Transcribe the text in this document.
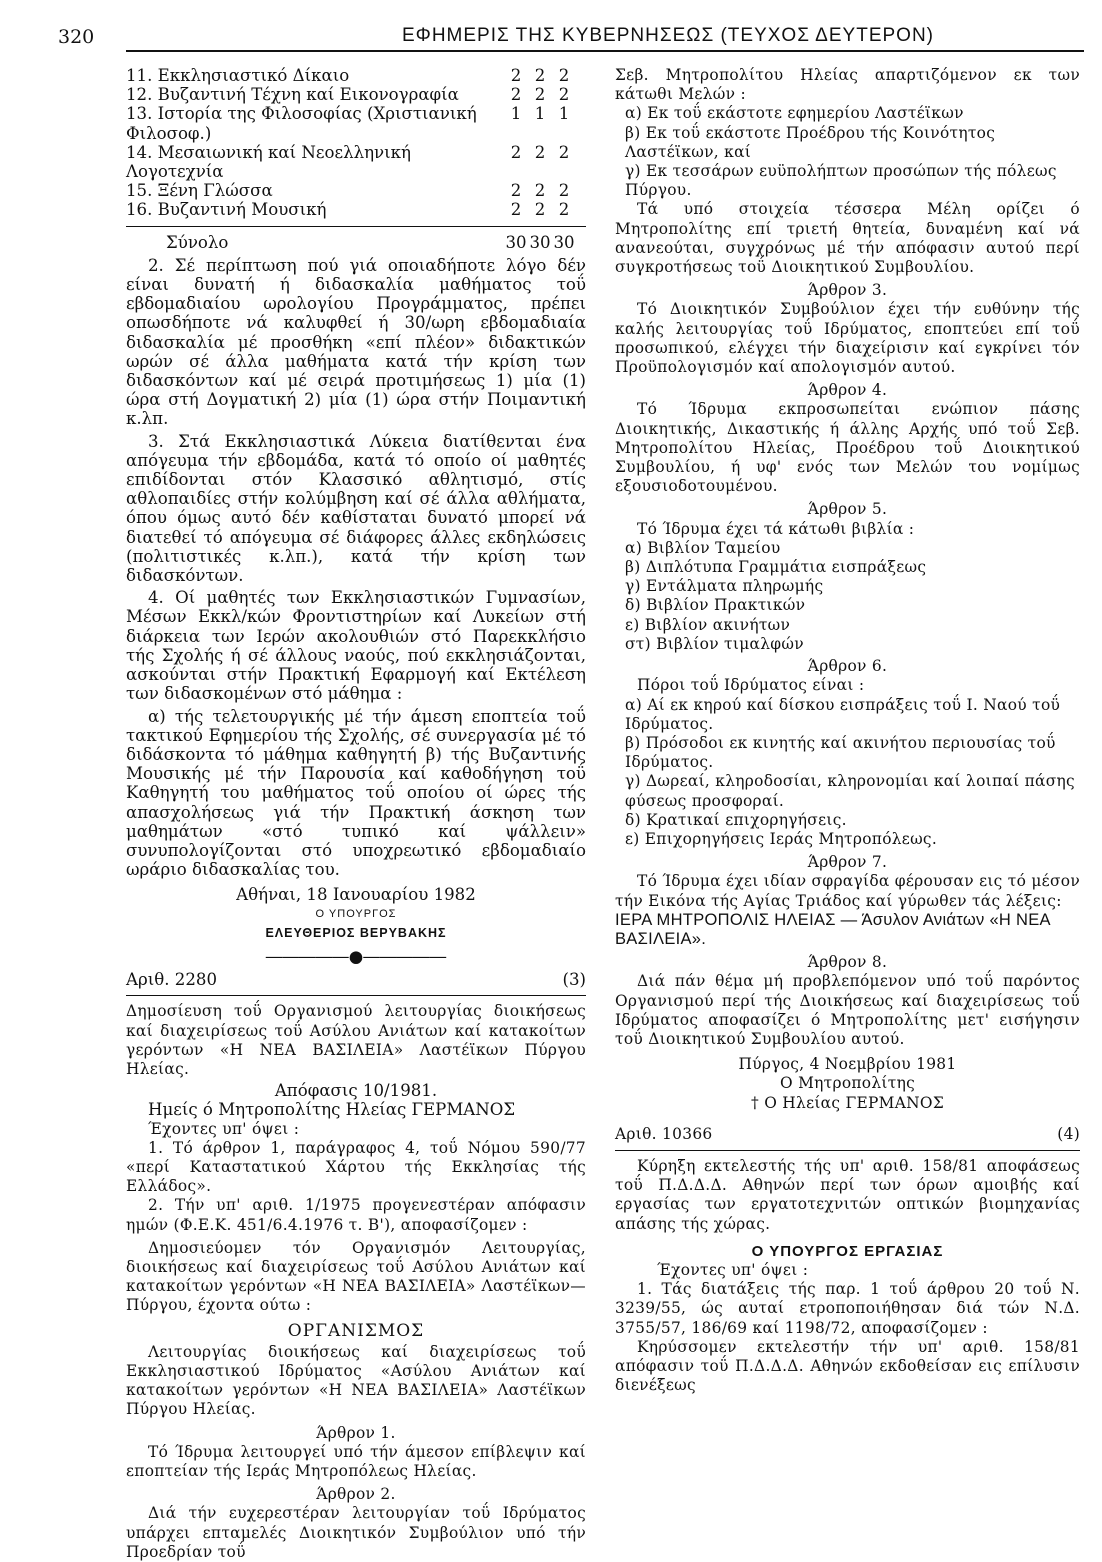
320	ΕΦΗΜΕΡΙΣ ΤΗΣ ΚΥΒΕΡΝΗΣΕΩΣ (ΤΕΥΧΟΣ ΔΕΥΤΕΡΟΝ)
11. Εκκλησιαστικό Δίκαιο	2	2	2
12. Βυζαντινή Τέχνη καί Εικονογραφία	2	2	2
13. Ιστορία της Φιλοσοφίας (Χριστιανική Φιλοσοφ.)	1	1	1
14. Μεσαιωνική καί Νεοελληνική Λογοτεχνία	2	2	2
15. Ξένη Γλώσσα	2	2	2
16. Βυζαντινή Μουσική	2	2	2
Σύνολο	30	30	30

2. Σέ περίπτωση πού γιά οποιαδήποτε λόγο δέν είναι δυνατή ή διδασκαλία μαθήματος τοΰ εβδομαδιαίου ωρολογίου Προγράμματος, πρέπει οπωσδήποτε νά καλυφθεί ή 30/ωρη εβδομαδιαία διδασκαλία μέ προσθήκη «επί πλέον» διδακτικών ωρών σέ άλλα μαθήματα κατά τήν κρίση των διδασκόντων καί μέ σειρά προτιμήσεως 1) μία (1) ώρα στή Δογματική 2) μία (1) ώρα στήν Ποιμαντική κ.λπ.

3. Στά Εκκλησιαστικά Λύκεια διατίθενται ένα απόγευμα τήν εβδομάδα, κατά τό οποίο οί μαθητές επιδίδονται στόν Κλασσικό αθλητισμό, στίς αθλοπαιδίες στήν κολύμβηση καί σέ άλλα αθλήματα, όπου όμως αυτό δέν καθίσταται δυνατό μπορεί νά διατεθεί τό απόγευμα σέ διάφορες άλλες εκδηλώσεις (πολιτιστικές κ.λπ.), κατά τήν κρίση των διδασκόντων.

4. Οί μαθητές των Εκκλησιαστικών Γυμνασίων, Μέσων Εκκλ/κών Φροντιστηρίων καί Λυκείων στή διάρκεια των Ιερών ακολουθιών στό Παρεκκλήσιο τής Σχολής ή σέ άλλους ναούς, πού εκκλησιάζονται, ασκούνται στήν Πρακτική Εφαρμογή καί Εκτέλεση των διδασκομένων στό μάθημα :

α) τής τελετουργικής μέ τήν άμεση εποπτεία τοΰ τακτικού Εφημερίου τής Σχολής, σέ συνεργασία μέ τό διδάσκοντα τό μάθημα καθηγητή β) τής Βυζαντινής Μουσικής μέ τήν Παρουσία καί καθοδήγηση τοΰ Καθηγητή του μαθήματος τοΰ οποίου οί ώρες τής απασχολήσεως γιά τήν Πρακτική άσκηση των μαθημάτων «στό τυπικό καί ψάλλειν» συνυπολογίζονται στό υποχρεωτικό εβδομαδιαίο ωράριο διδασκαλίας του.

Αθήναι, 18 Ιανουαρίου 1982
Ο ΥΠΟΥΡΓΟΣ
ΕΛΕΥΘΕΡΙΟΣ ΒΕΡΥΒΑΚΗΣ
―――――●―――――
Αριθ. 2280	(3)

Δημοσίευση τοΰ Οργανισμού λειτουργίας διοικήσεως καί διαχειρίσεως τοΰ Ασύλου Ανιάτων καί κατακοίτων γερόντων «Η ΝΕΑ ΒΑΣΙΛΕΙΑ» Λαστέϊκων Πύργου Ηλείας.

Απόφασις 10/1981.
Ημείς ό Μητροπολίτης Ηλείας ΓΕΡΜΑΝΟΣ
Έχοντες υπ' όψει :

1. Τό άρθρον 1, παράγραφος 4, τοΰ Νόμου 590/77 «περί Καταστατικού Χάρτου τής Εκκλησίας τής Ελλάδος».

2. Τήν υπ' αριθ. 1/1975 προγενεστέραν απόφασιν ημών (Φ.Ε.Κ. 451/6.4.1976 τ. Β'), αποφασίζομεν :

Δημοσιεύομεν τόν Οργανισμόν Λειτουργίας, διοικήσεως καί διαχειρίσεως τοΰ Ασύλου Ανιάτων καί κατακοίτων γερόντων «Η ΝΕΑ ΒΑΣΙΛΕΙΑ» Λαστέϊκων—Πύργου, έχοντα ούτω :

ΟΡΓΑΝΙΣΜΟΣ

Λειτουργίας διοικήσεως καί διαχειρίσεως τοΰ Εκκλησιαστικού Ιδρύματος «Ασύλου Ανιάτων καί κατακοίτων γερόντων «Η ΝΕΑ ΒΑΣΙΛΕΙΑ» Λαστέϊκων Πύργου Ηλείας.

Άρθρον 1.

Τό Ίδρυμα λειτουργεί υπό τήν άμεσον επίβλεψιν καί εποπτείαν τής Ιεράς Μητροπόλεως Ηλείας.

Άρθρον 2.

Διά τήν ευχερεστέραν λειτουργίαν τοΰ Ιδρύματος υπάρχει επταμελές Διοικητικόν Συμβούλιον υπό τήν Προεδρίαν τοΰ

Σεβ. Μητροπολίτου Ηλείας απαρτιζόμενον εκ των κάτωθι Μελών :

α) Εκ τοΰ εκάστοτε εφημερίου Λαστέϊκων
β) Εκ τοΰ εκάστοτε Προέδρου τής Κοινότητος Λαστέϊκων, καί
γ) Εκ τεσσάρων ευϋπολήπτων προσώπων τής πόλεως Πύργου.

Τά υπό στοιχεία τέσσερα Μέλη ορίζει ό Μητροπολίτης επί τριετή θητεία, δυναμένη καί νά ανανεούται, συγχρόνως μέ τήν απόφασιν αυτού περί συγκροτήσεως τοΰ Διοικητικού Συμβουλίου.

Άρθρον 3.

Τό Διοικητικόν Συμβούλιον έχει τήν ευθύνην τής καλής λειτουργίας τοΰ Ιδρύματος, εποπτεύει επί τοΰ προσωπικού, ελέγχει τήν διαχείρισιν καί εγκρίνει τόν Προϋπολογισμόν καί απολογισμόν αυτού.

Άρθρον 4.

Τό Ίδρυμα εκπροσωπείται ενώπιον πάσης Διοικητικής, Δικαστικής ή άλλης Αρχής υπό τοΰ Σεβ. Μητροπολίτου Ηλείας, Προέδρου τοΰ Διοικητικού Συμβουλίου, ή υφ' ενός των Μελών του νομίμως εξουσιοδοτουμένου.

Άρθρον 5.
Τό Ίδρυμα έχει τά κάτωθι βιβλία :
α) Βιβλίον Ταμείου
β) Διπλότυπα Γραμμάτια εισπράξεως
γ) Εντάλματα πληρωμής
δ) Βιβλίον Πρακτικών
ε) Βιβλίον ακινήτων
στ) Βιβλίον τιμαλφών
Άρθρον 6.
Πόροι τοΰ Ιδρύματος είναι :
α) Αί εκ κηρού καί δίσκου εισπράξεις τοΰ Ι. Ναού τοΰ Ιδρύματος.
β) Πρόσοδοι εκ κινητής καί ακινήτου περιουσίας τοΰ Ιδρύματος.
γ) Δωρεαί, κληροδοσίαι, κληρονομίαι καί λοιπαί πάσης φύσεως προσφοραί.
δ) Κρατικαί επιχορηγήσεις.
ε) Επιχορηγήσεις Ιεράς Μητροπόλεως.
Άρθρον 7.

Τό Ίδρυμα έχει ιδίαν σφραγίδα φέρουσαν εις τό μέσον τήν Εικόνα τής Αγίας Τριάδος καί γύρωθεν τάς λέξεις:

ΙΕΡΑ ΜΗΤΡΟΠΟΛΙΣ ΗΛΕΙΑΣ — Άσυλον Ανιάτων «Η ΝΕΑ ΒΑΣΙΛΕΙΑ».
Άρθρον 8.

Διά πάν θέμα μή προβλεπόμενον υπό τοΰ παρόντος Οργανισμού περί τής Διοικήσεως καί διαχειρίσεως τοΰ Ιδρύματος αποφασίζει ό Μητροπολίτης μετ' εισήγησιν τοΰ Διοικητικού Συμβουλίου αυτού.

Πύργος, 4 Νοεμβρίου 1981
Ο Μητροπολίτης
† Ο Ηλείας ΓΕΡΜΑΝΟΣ
Αριθ. 10366	(4)

Κύρηξη εκτελεστής τής υπ' αριθ. 158/81 αποφάσεως τοΰ Π.Δ.Δ.Δ. Αθηνών περί των όρων αμοιβής καί εργασίας των εργατοτεχνιτών οπτικών βιομηχανίας απάσης τής χώρας.

Ο ΥΠΟΥΡΓΟΣ ΕΡΓΑΣΙΑΣ
Έχοντες υπ' όψει :

1. Τάς διατάξεις τής παρ. 1 τοΰ άρθρου 20 τοΰ Ν. 3239/55, ώς αυταί ετροποποιήθησαν διά τών Ν.Δ. 3755/57, 186/69 καί 1198/72, αποφασίζομεν :

Κηρύσσομεν εκτελεστήν τήν υπ' αριθ. 158/81 απόφασιν τοΰ Π.Δ.Δ.Δ. Αθηνών εκδοθείσαν εις επίλυσιν διενέξεως
